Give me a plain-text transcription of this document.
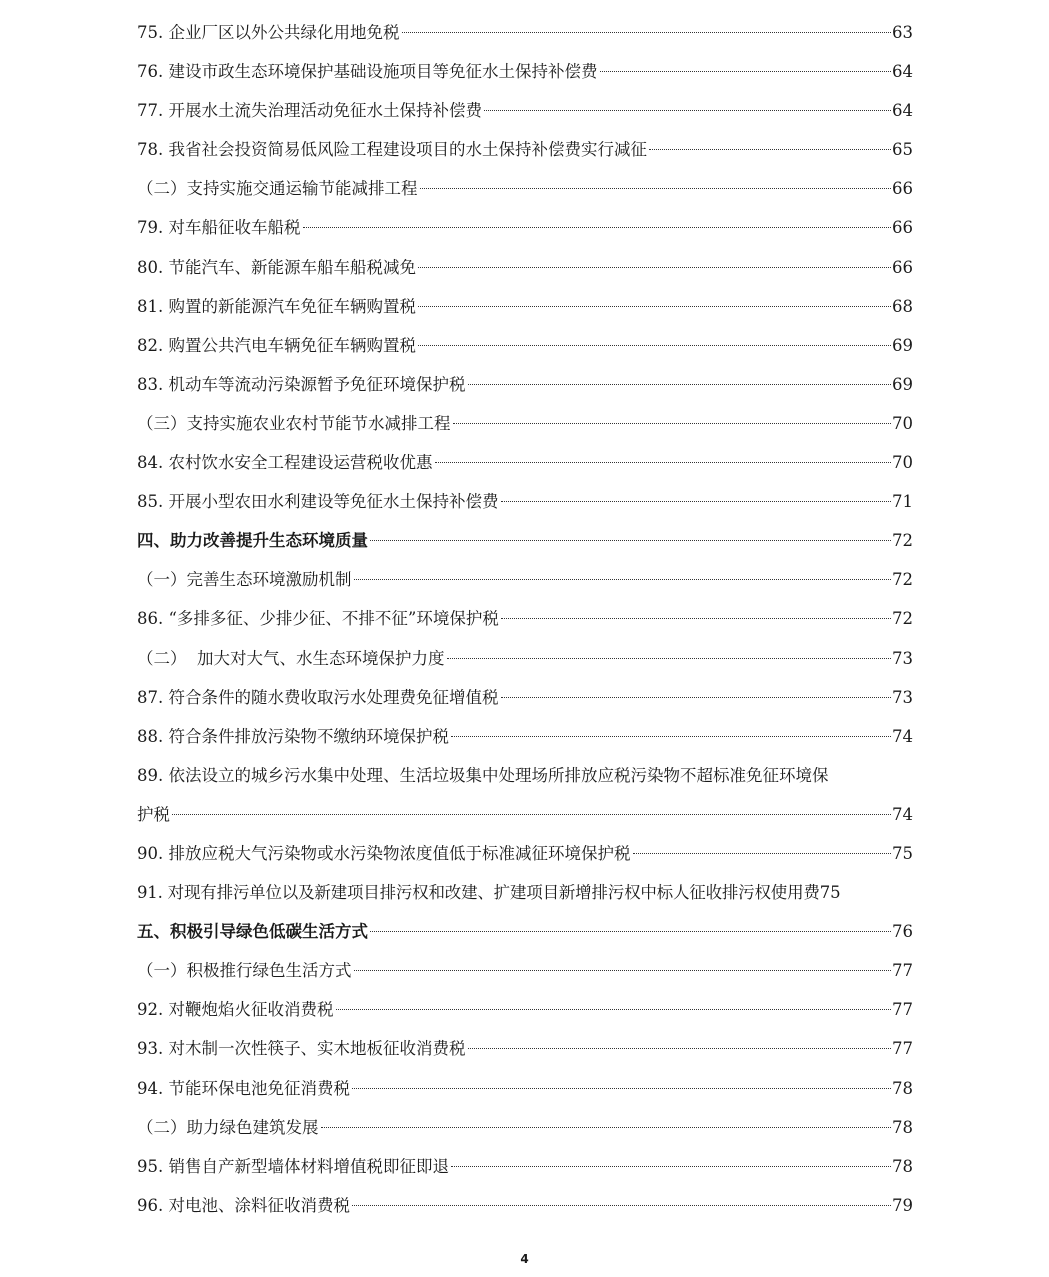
75. 企业厂区以外公共绿化用地免税	63
76. 建设市政生态环境保护基础设施项目等免征水土保持补偿费	64
77. 开展水土流失治理活动免征水土保持补偿费	64
78. 我省社会投资简易低风险工程建设项目的水土保持补偿费实行减征	65
（二）支持实施交通运输节能减排工程	66
79. 对车船征收车船税	66
80. 节能汽车、新能源车船车船税减免	66
81. 购置的新能源汽车免征车辆购置税	68
82. 购置公共汽电车辆免征车辆购置税	69
83. 机动车等流动污染源暂予免征环境保护税	69
（三）支持实施农业农村节能节水减排工程	70
84. 农村饮水安全工程建设运营税收优惠	70
85. 开展小型农田水利建设等免征水土保持补偿费	71
四、助力改善提升生态环境质量	72
（一）完善生态环境激励机制	72
86. “多排多征、少排少征、不排不征”环境保护税	72
（二）  加大对大气、水生态环境保护力度	73
87. 符合条件的随水费收取污水处理费免征增值税	73
88. 符合条件排放污染物不缴纳环境保护税	74
89. 依法设立的城乡污水集中处理、生活垃圾集中处理场所排放应税污染物不超标准免征环境保
护税	74
90. 排放应税大气污染物或水污染物浓度值低于标准减征环境保护税	75
91. 对现有排污单位以及新建项目排污权和改建、扩建项目新增排污权中标人征收排污权使用费 75
五、积极引导绿色低碳生活方式	76
（一）积极推行绿色生活方式	77
92. 对鞭炮焰火征收消费税	77
93. 对木制一次性筷子、实木地板征收消费税	77
94. 节能环保电池免征消费税	78
（二）助力绿色建筑发展	78
95. 销售自产新型墙体材料增值税即征即退	78
96. 对电池、涂料征收消费税	79
4
